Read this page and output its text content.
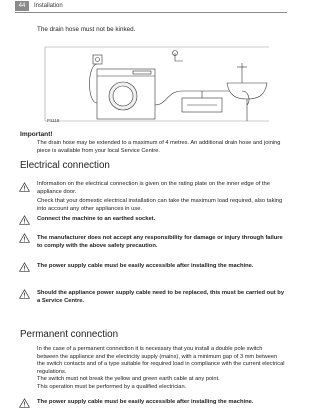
44	Installation
The drain hose must not be kinked.
P1118
Important!
The drain hose may be extended to a maximum of 4 metres. An additional drain hose and joining piece is available from your local Service Centre.
Electrical connection
Information on the electrical connection is given on the rating plate on the inner edge of the appliance door.
Check that your domestic electrical installation can take the maximum load required, also taking into account any other appliances in use.
Connect the machine to an earthed socket.
The manufacturer does not accept any responsibility for damage or injury through failure to comply with the above safety precaution.
The power supply cable must be easily accessible after installing the machine.
Should the appliance power supply cable need to be replaced, this must be carried out by a Service Centre.
Permanent connection

In the case of a permanent connection it is necessary that you install a double pole switch between the appliance and the electricity supply (mains), with a minimum gap of 3 mm between the switch contacts and of a type suitable for required load in compliance with the current electrical regulations.

The switch must not break the yellow and green earth cable at any point.

This operation must be performed by a qualified electrician.

The power supply cable must be easily accessible after installing the machine.
